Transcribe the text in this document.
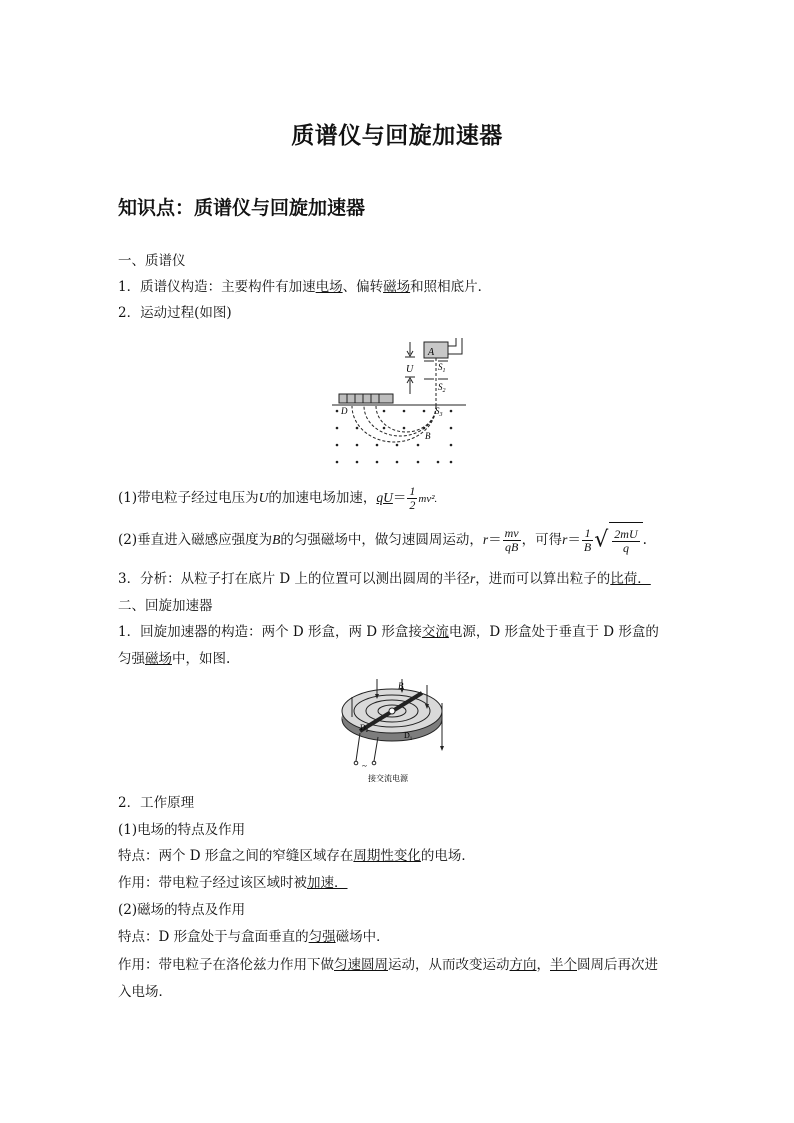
质谱仪与回旋加速器
知识点：质谱仪与回旋加速器
一、质谱仪
1．质谱仪构造：主要构件有加速电场、偏转磁场和照相底片．
2．运动过程(如图)
A
$S_1$
$S_2$
U
D	$S_3$
B
(1)带电粒子经过电压为U的加速电场加速，$qU= \frac{1}{2} mv^2$.
(2)垂直进入磁感应强度为B的匀强磁场中，做匀速圆周运动，$r= \frac{mv}{qB}$ ，可得$r= \frac{1}{B}$ √ $\frac{2mU}{q}$ .
3．分析：从粒子打在底片 D 上的位置可以测出圆周的半径r，进而可以算出粒子的比荷．
二、回旋加速器
1．回旋加速器的构造：两个 D 形盒，两 D 形盒接交流电源，D 形盒处于垂直于 D 形盒的
匀强磁场中，如图.
B
$D_2$	$D_1$
~
接交流电源
2．工作原理
(1)电场的特点及作用
特点：两个 D 形盒之间的窄缝区域存在周期性变化的电场．
作用：带电粒子经过该区域时被加速．
(2)磁场的特点及作用
特点：D 形盒处于与盒面垂直的匀强磁场中．
作用：带电粒子在洛伦兹力作用下做匀速圆周运动，从而改变运动方向，半个圆周后再次进
入电场．
